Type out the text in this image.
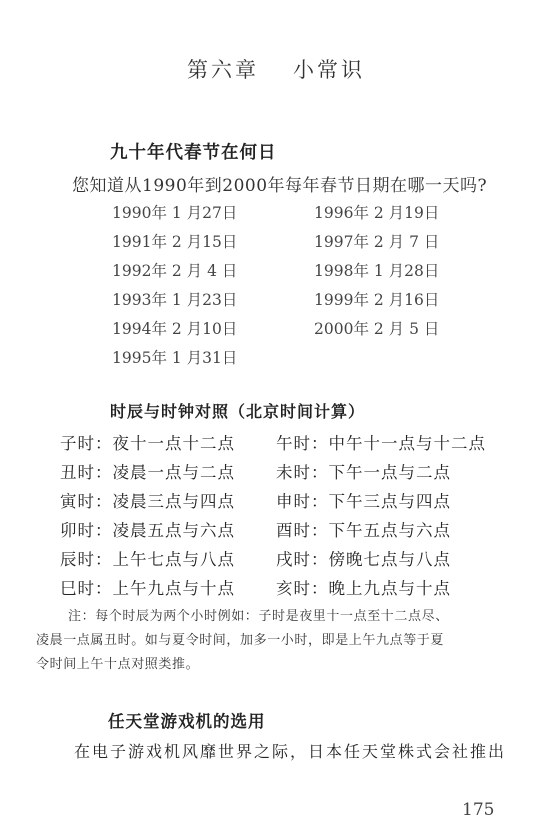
第六章 小常识
九十年代春节在何日
您知道从1990年到2000年每年春节日期在哪一天吗?
1990年 1 月27日	1996年 2 月19日
1991年 2 月15日	1997年 2 月 7 日
1992年 2 月 4 日	1998年 1 月28日
1993年 1 月23日	1999年 2 月16日
1994年 2 月10日	2000年 2 月 5 日
1995年 1 月31日
时辰与时钟对照（北京时间计算）
子时：夜十一点十二点 午时：中午十一点与十二点
丑时：凌晨一点与二点 未时：下午一点与二点
寅时：凌晨三点与四点 申时：下午三点与四点
卯时：凌晨五点与六点 酉时：下午五点与六点
辰时：上午七点与八点 戌时：傍晚七点与八点
巳时：上午九点与十点 亥时：晚上九点与十点
注：每个时辰为两个小时例如：子时是夜里十一点至十二点尽、
凌晨一点属丑时。如与夏令时间，加多一小时，即是上午九点等于夏
令时间上午十点对照类推。
任天堂游戏机的选用
在电子游戏机风靡世界之际，日本任天堂株式会社推出
175
